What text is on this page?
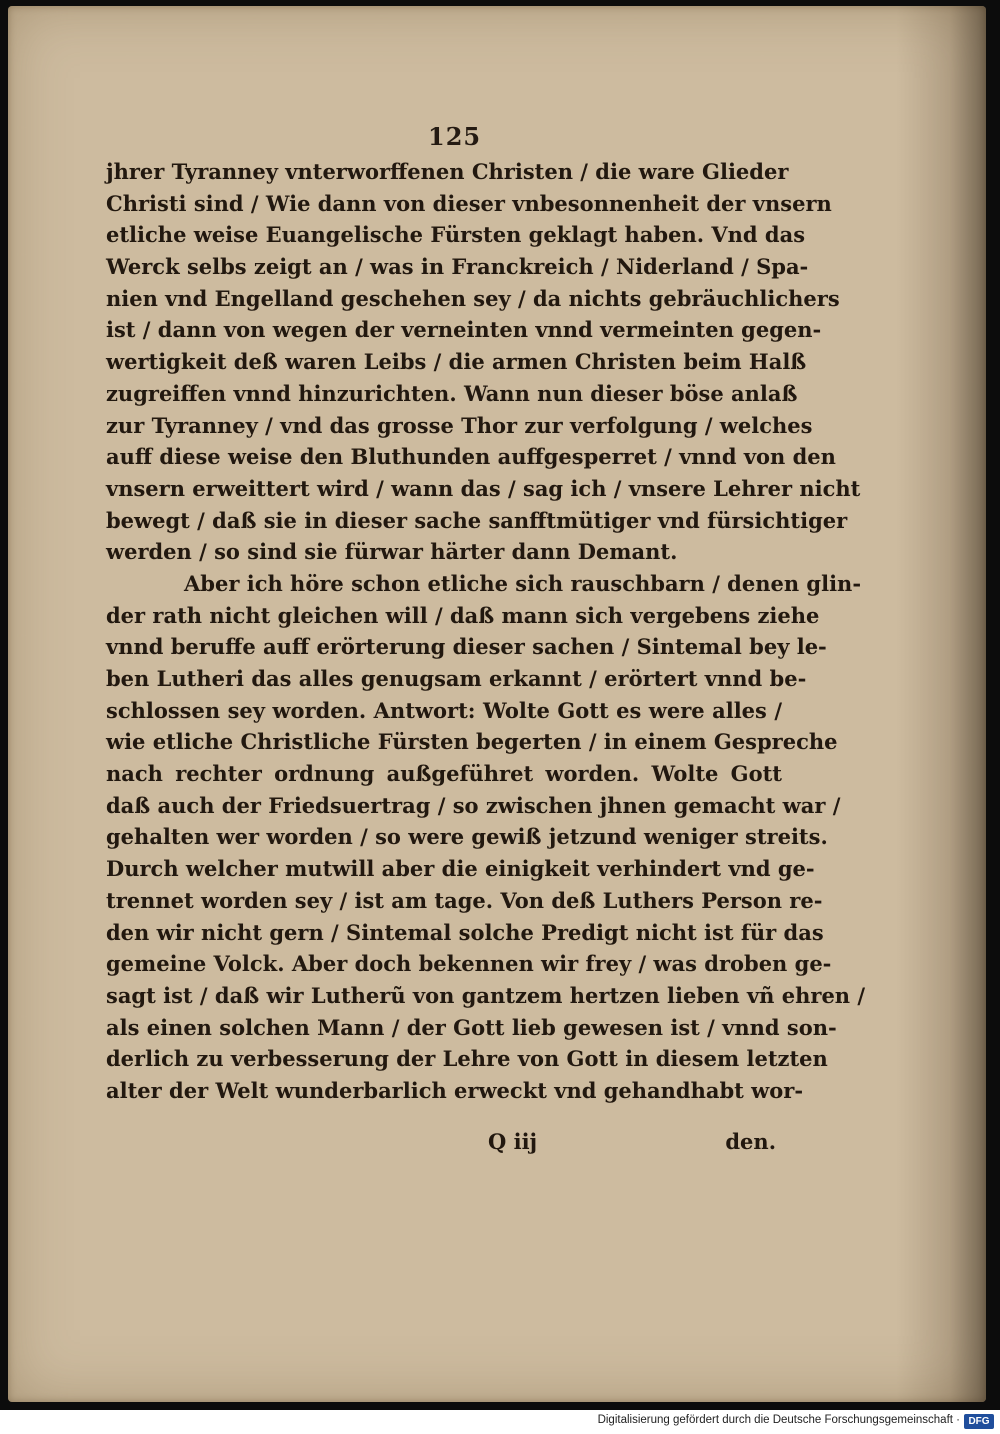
125
jhrer Tyranney vnterworffenen Christen / die ware Glieder
Christi sind / Wie dann von dieser vnbesonnenheit der vnsern
etliche weise Euangelische Fürsten geklagt haben. Vnd das
Werck selbs zeigt an / was in Franckreich / Niderland / Spa-
nien vnd Engelland geschehen sey / da nichts gebräuchlichers
ist / dann von wegen der verneinten vnnd vermeinten gegen-
wertigkeit deß waren Leibs / die armen Christen beim Halß
zugreiffen vnnd hinzurichten. Wann nun dieser böse anlaß
zur Tyranney / vnd das grosse Thor zur verfolgung / welches
auff diese weise den Bluthunden auffgesperret / vnnd von den
vnsern erweittert wird / wann das / sag ich / vnsere Lehrer nicht
bewegt / daß sie in dieser sache sanfftmütiger vnd fürsichtiger
werden / so sind sie fürwar härter dann Demant.
Aber ich höre schon etliche sich rauschbarn / denen glin-
der rath nicht gleichen will / daß mann sich vergebens ziehe
vnnd beruffe auff erörterung dieser sachen / Sintemal bey le-
ben Lutheri das alles genugsam erkannt / erörtert vnnd be-
schlossen sey worden. Antwort: Wolte Gott es were alles /
wie etliche Christliche Fürsten begerten / in einem Gespreche
nach rechter ordnung außgeführet worden. Wolte Gott
daß auch der Friedsuertrag / so zwischen jhnen gemacht war /
gehalten wer worden / so were gewiß jetzund weniger streits.
Durch welcher mutwill aber die einigkeit verhindert vnd ge-
trennet worden sey / ist am tage. Von deß Luthers Person re-
den wir nicht gern / Sintemal solche Predigt nicht ist für das
gemeine Volck. Aber doch bekennen wir frey / was droben ge-
sagt ist / daß wir Lutherũ von gantzem hertzen lieben vñ ehren /
als einen solchen Mann / der Gott lieb gewesen ist / vnnd son-
derlich zu verbesserung der Lehre von Gott in diesem letzten
alter der Welt wunderbarlich erweckt vnd gehandhabt wor-
Q iij	den.
Digitalisierung gefördert durch die Deutsche Forschungsgemeinschaft · DFG
